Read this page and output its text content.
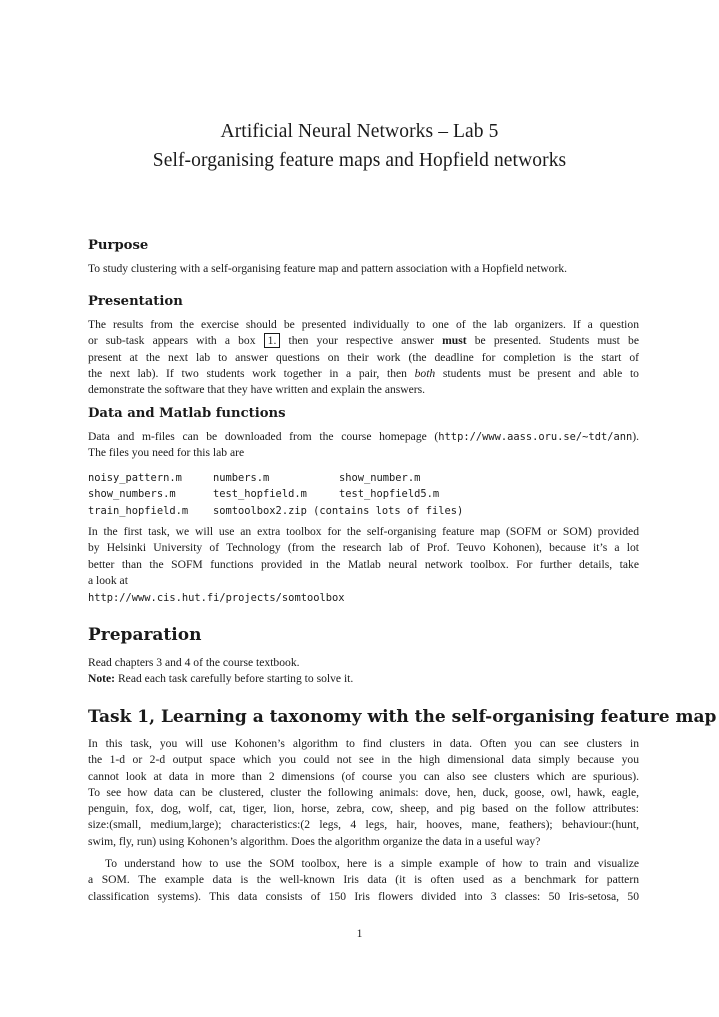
Artificial Neural Networks – Lab 5
Self-organising feature maps and Hopfield networks
Purpose
To study clustering with a self-organising feature map and pattern association with a Hopfield network.
Presentation
The results from the exercise should be presented individually to one of the lab organizers. If a question
or sub-task appears with a box 1. then your respective answer must be presented. Students must be
present at the next lab to answer questions on their work (the deadline for completion is the start of
the next lab). If two students work together in a pair, then both students must be present and able to
demonstrate the software that they have written and explain the answers.
Data and Matlab functions
Data and m-files can be downloaded from the course homepage (http://www.aass.oru.se/~tdt/ann).
The files you need for this lab are
noisy_pattern.m	numbers.m	show_number.m
show_numbers.m	test_hopfield.m	test_hopfield5.m
train_hopfield.m somtoolbox2.zip (contains lots of files)
In the first task, we will use an extra toolbox for the self-organising feature map (SOFM or SOM) provided
by Helsinki University of Technology (from the research lab of Prof. Teuvo Kohonen), because it’s a lot
better than the SOFM functions provided in the Matlab neural network toolbox. For further details, take
a look at
http://www.cis.hut.fi/projects/somtoolbox
Preparation
Read chapters 3 and 4 of the course textbook.
Note: Read each task carefully before starting to solve it.
Task 1, Learning a taxonomy with the self-organising feature map
In this task, you will use Kohonen’s algorithm to find clusters in data. Often you can see clusters in
the 1-d or 2-d output space which you could not see in the high dimensional data simply because you
cannot look at data in more than 2 dimensions (of course you can also see clusters which are spurious).
To see how data can be clustered, cluster the following animals: dove, hen, duck, goose, owl, hawk, eagle,
penguin, fox, dog, wolf, cat, tiger, lion, horse, zebra, cow, sheep, and pig based on the follow attributes:
size:(small, medium,large); characteristics:(2 legs, 4 legs, hair, hooves, mane, feathers); behaviour:(hunt,
swim, fly, run) using Kohonen’s algorithm. Does the algorithm organize the data in a useful way?
To understand how to use the SOM toolbox, here is a simple example of how to train and visualize
a SOM. The example data is the well-known Iris data (it is often used as a benchmark for pattern
classification systems). This data consists of 150 Iris flowers divided into 3 classes: 50 Iris-setosa, 50
1
